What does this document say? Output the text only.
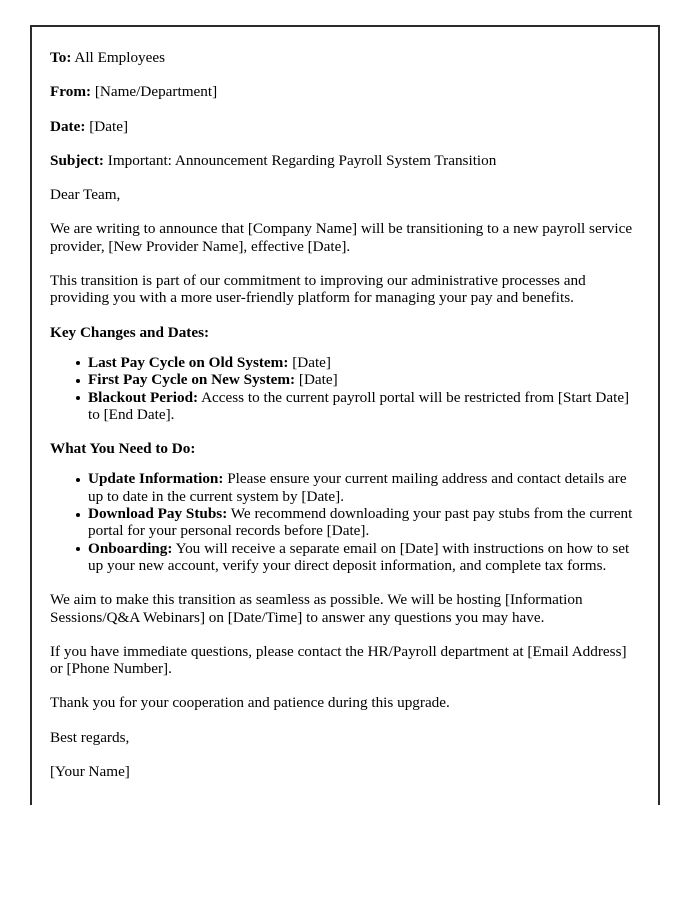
To: All Employees

From: [Name/Department]

Date: [Date]

Subject: Important: Announcement Regarding Payroll System Transition

Dear Team,

We are writing to announce that [Company Name] will be transitioning to a new payroll service provider, [New Provider Name], effective [Date].

This transition is part of our commitment to improving our administrative processes and providing you with a more user-friendly platform for managing your pay and benefits.

Key Changes and Dates:

Last Pay Cycle on Old System: [Date]
First Pay Cycle on New System: [Date]
Blackout Period: Access to the current payroll portal will be restricted from [Start Date] to [End Date].

What You Need to Do:

Update Information: Please ensure your current mailing address and contact details are up to date in the current system by [Date].
Download Pay Stubs: We recommend downloading your past pay stubs from the current portal for your personal records before [Date].
Onboarding: You will receive a separate email on [Date] with instructions on how to set up your new account, verify your direct deposit information, and complete tax forms.

We aim to make this transition as seamless as possible. We will be hosting [Information Sessions/Q&A Webinars] on [Date/Time] to answer any questions you may have.

If you have immediate questions, please contact the HR/Payroll department at [Email Address] or [Phone Number].

Thank you for your cooperation and patience during this upgrade.

Best regards,

[Your Name]
